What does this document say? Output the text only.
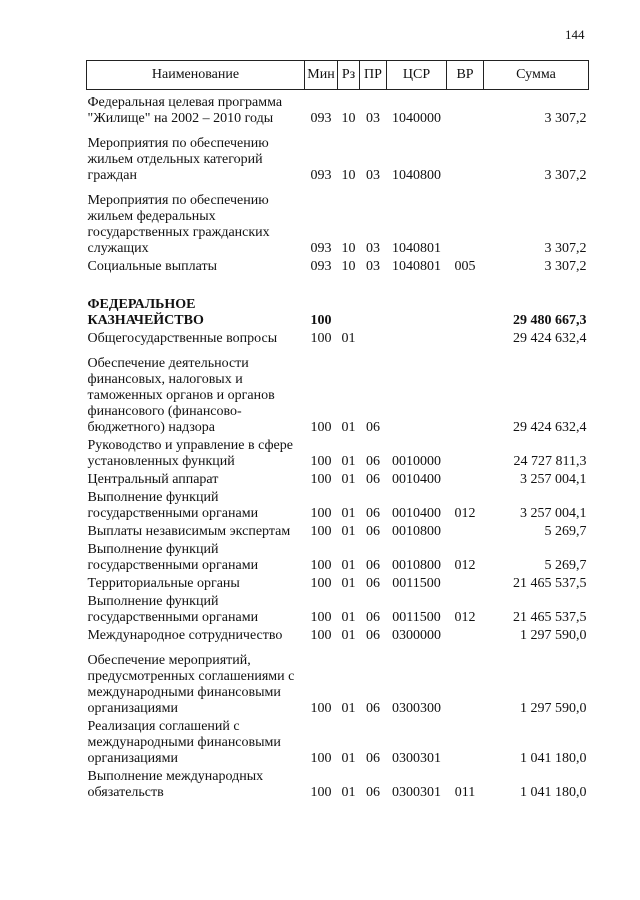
144
Наименование	Мин	Рз	ПР	ЦСР	ВР	Сумма
Федеральная целевая программа "Жилище" на 2002 – 2010 годы	093	10	03	1040000		3 307,2
Мероприятия по обеспечению жильем отдельных категорий граждан	093	10	03	1040800		3 307,2
Мероприятия по обеспечению жильем федеральных государственных гражданских служащих	093	10	03	1040801		3 307,2
Социальные выплаты	093	10	03	1040801	005	3 307,2
ФЕДЕРАЛЬНОЕ КАЗНАЧЕЙСТВО	100					29 480 667,3
Общегосударственные вопросы	100	01				29 424 632,4
Обеспечение деятельности финансовых, налоговых и таможенных органов и органов финансового (финансово-бюджетного) надзора	100	01	06			29 424 632,4
Руководство и управление в сфере установленных функций	100	01	06	0010000		24 727 811,3
Центральный аппарат	100	01	06	0010400		3 257 004,1
Выполнение функций государственными органами	100	01	06	0010400	012	3 257 004,1
Выплаты независимым экспертам	100	01	06	0010800		5 269,7
Выполнение функций государственными органами	100	01	06	0010800	012	5 269,7
Территориальные органы	100	01	06	0011500		21 465 537,5
Выполнение функций государственными органами	100	01	06	0011500	012	21 465 537,5
Международное сотрудничество	100	01	06	0300000		1 297 590,0
Обеспечение мероприятий, предусмотренных соглашениями с международными финансовыми организациями	100	01	06	0300300		1 297 590,0
Реализация соглашений с международными финансовыми организациями	100	01	06	0300301		1 041 180,0
Выполнение международных обязательств	100	01	06	0300301	011	1 041 180,0
